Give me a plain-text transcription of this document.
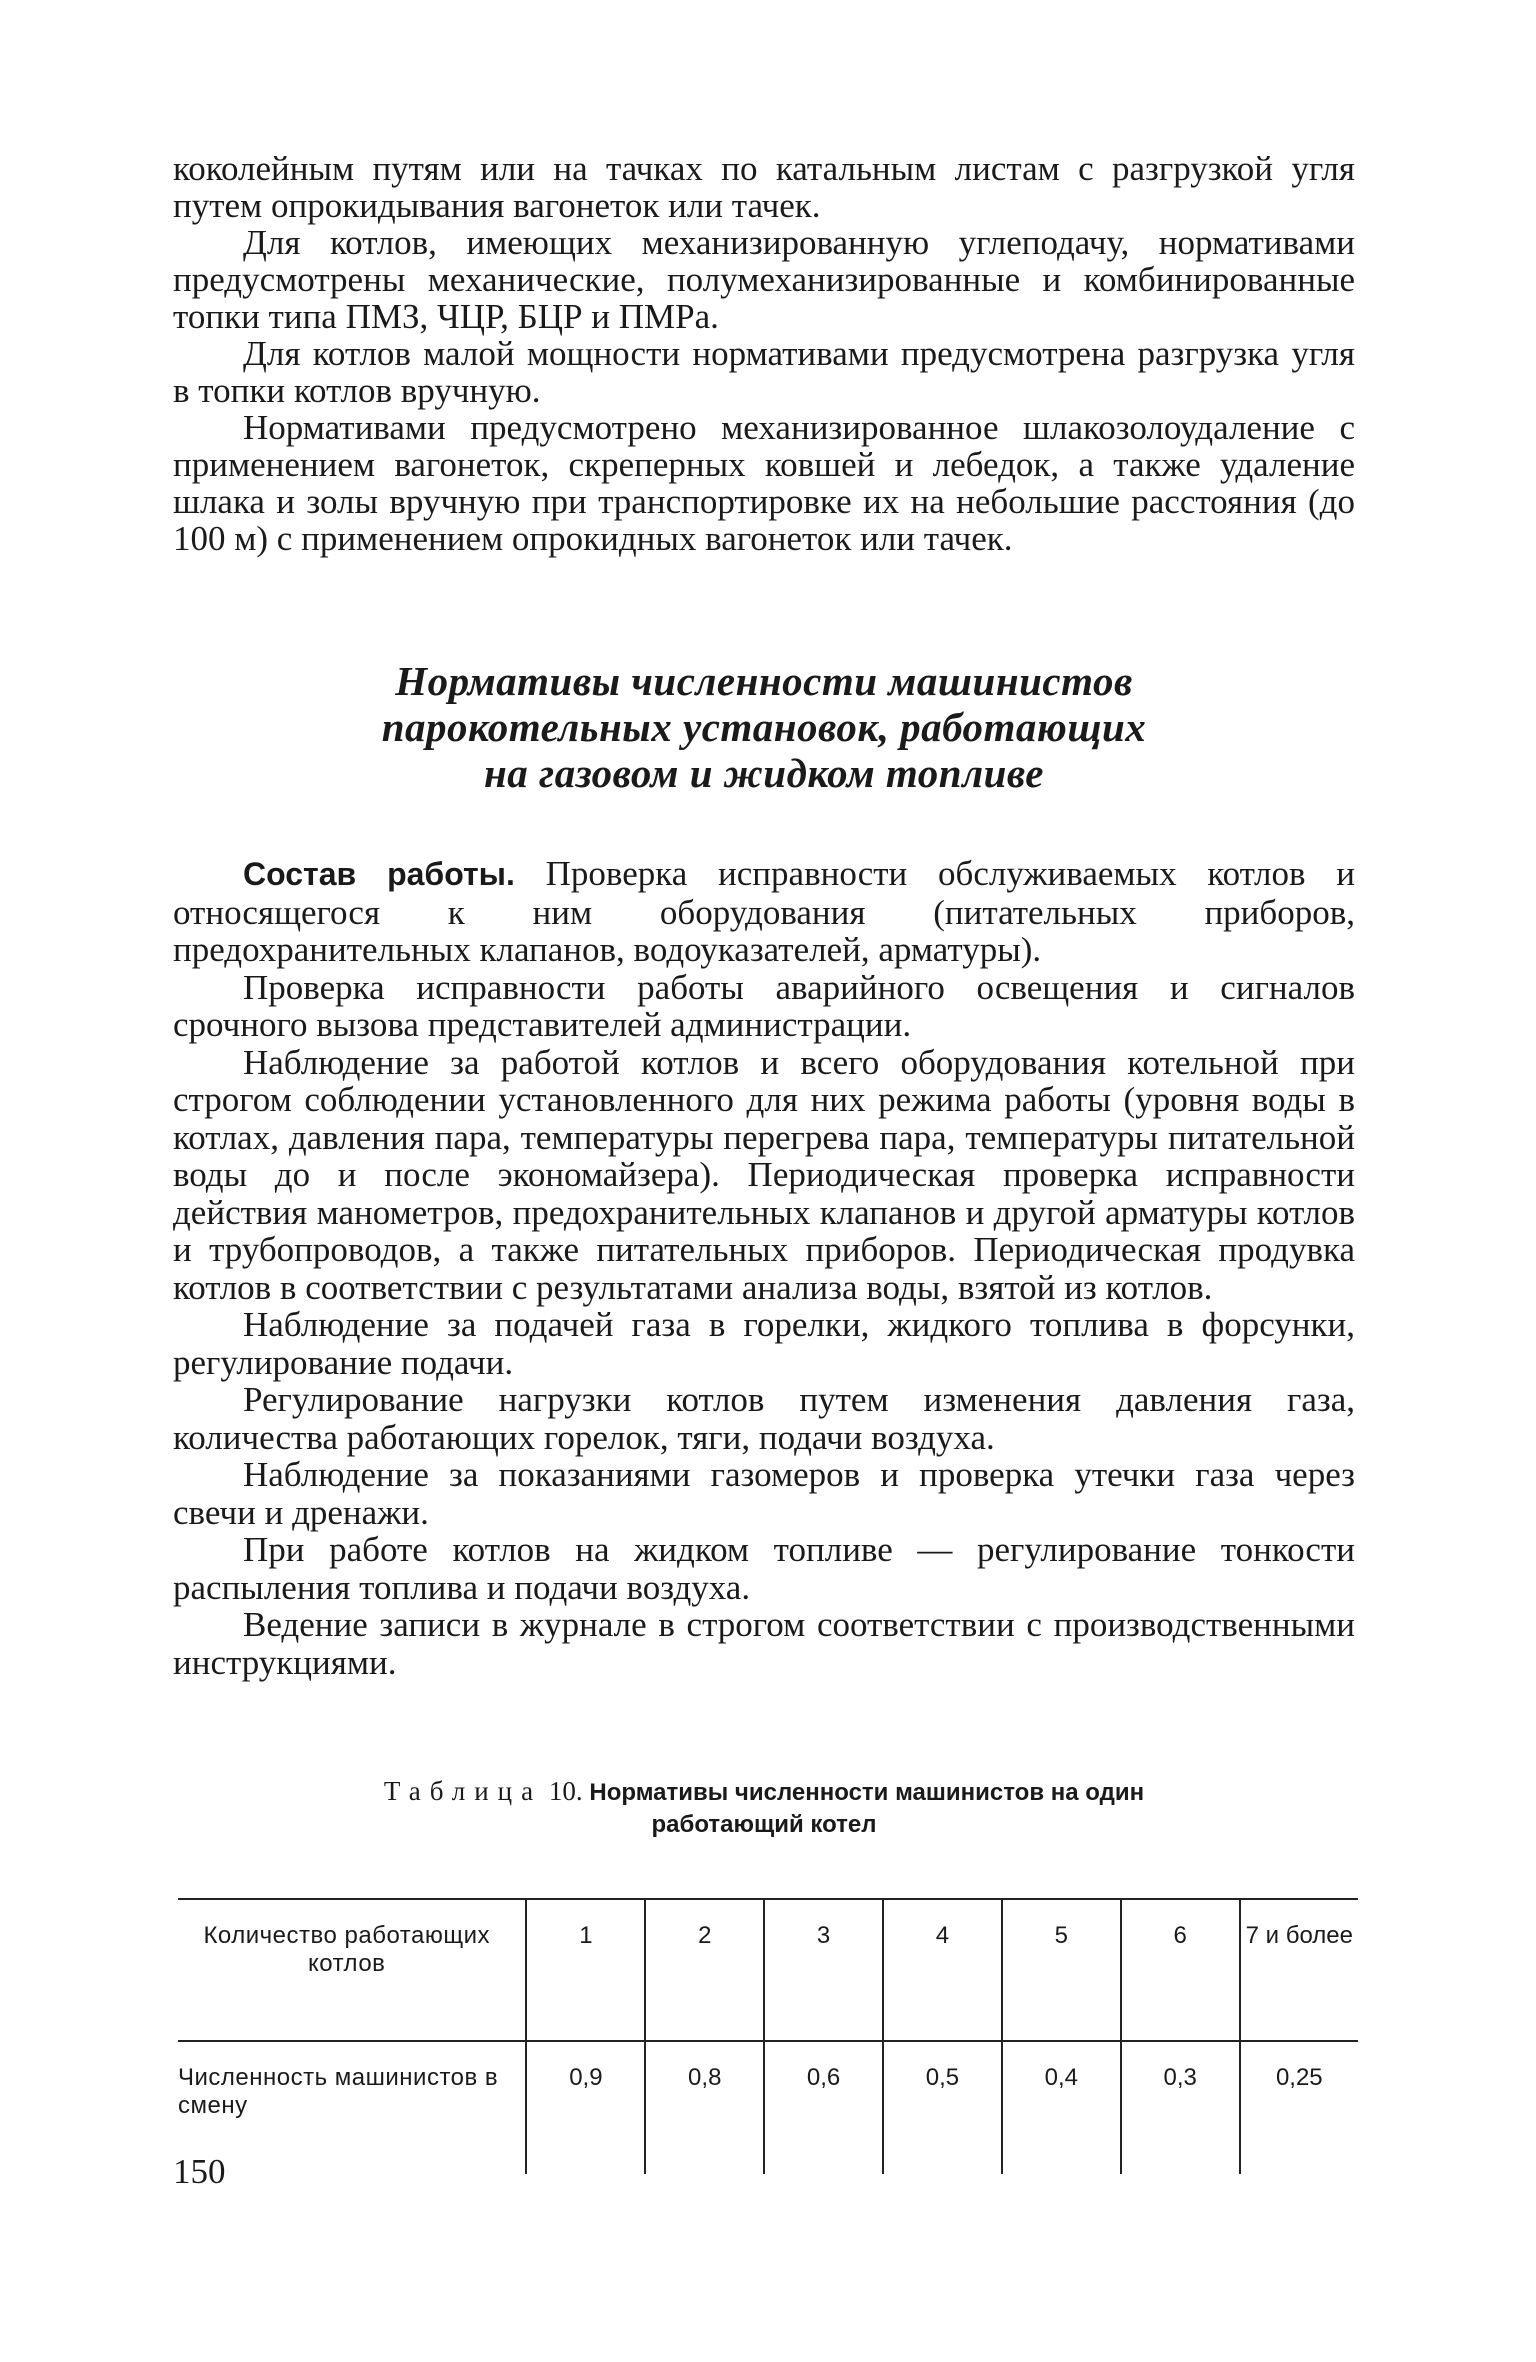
коколейным путям или на тачках по катальным листам с разгрузкой угля путем опрокидывания вагонеток или тачек.

Для котлов, имеющих механизированную углеподачу, нормативами предусмотрены механические, полумеханизированные и комбинированные топки типа ПМЗ, ЧЦР, БЦР и ПМРа.

Для котлов малой мощности нормативами предусмотрена разгрузка угля в топки котлов вручную.

Нормативами предусмотрено механизированное шлакозолоудаление с применением вагонеток, скреперных ковшей и лебедок, а также удаление шлака и золы вручную при транспортировке их на небольшие расстояния (до 100 м) с применением опрокидных вагонеток или тачек.

Нормативы численности машинистов
парокотельных установок, работающих
на газовом и жидком топливе

Состав работы. Проверка исправности обслуживаемых котлов и относящегося к ним оборудования (питательных приборов, предохранительных клапанов, водоуказателей, арматуры).

Проверка исправности работы аварийного освещения и сигналов срочного вызова представителей администрации.

Наблюдение за работой котлов и всего оборудования котельной при строгом соблюдении установленного для них режима работы (уровня воды в котлах, давления пара, температуры перегрева пара, температуры питательной воды до и после экономайзера). Периодическая проверка исправности действия манометров, предохранительных клапанов и другой арматуры котлов и трубопроводов, а также питательных приборов. Периодическая продувка котлов в соответствии с результатами анализа воды, взятой из котлов.

Наблюдение за подачей газа в горелки, жидкого топлива в форсунки, регулирование подачи.

Регулирование нагрузки котлов путем изменения давления газа, количества работающих горелок, тяги, подачи воздуха.

Наблюдение за показаниями газомеров и проверка утечки газа через свечи и дренажи.

При работе котлов на жидком топливе — регулирование тонкости распыления топлива и подачи воздуха.

Ведение записи в журнале в строгом соответствии с производственными инструкциями.

Таблица 10. Нормативы численности машинистов на один
работающий котел
Количество работающих котлов	1	2	3	4	5	6	7 и более
Численность машинистов в смену	0,9	0,8	0,6	0,5	0,4	0,3	0,25
150
